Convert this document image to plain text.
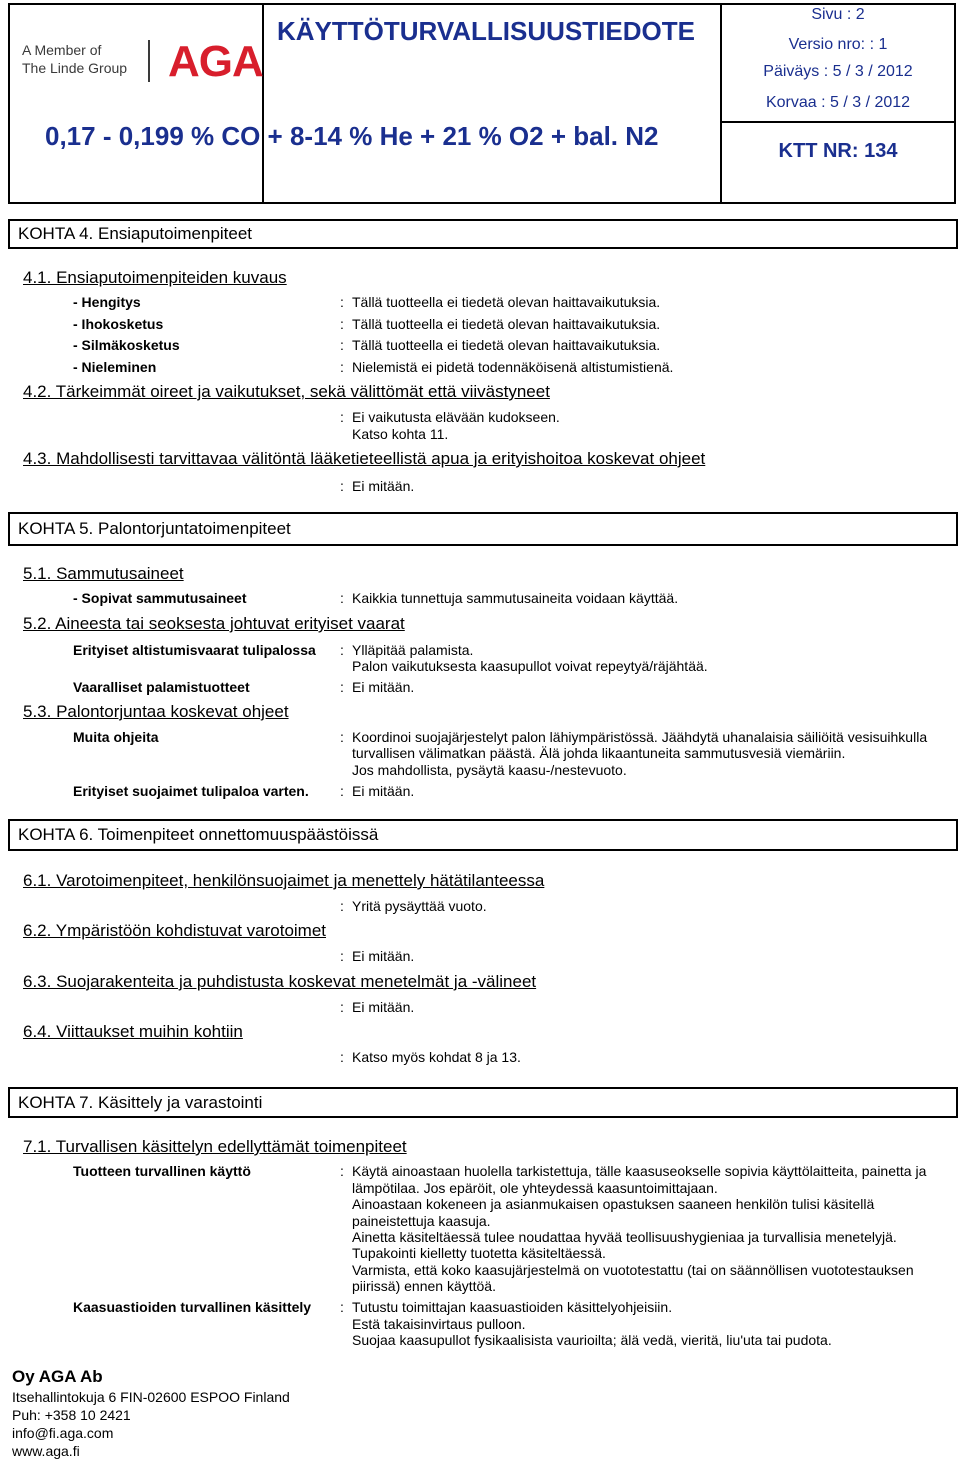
A Member of
The Linde Group AGA
KÄYTTÖTURVALLISUUSTIEDOTE
0,17 - 0,199 % CO + 8-14 % He + 21 % O2 + bal. N2
Sivu : 2
Versio nro: : 1
Päiväys : 5 / 3 / 2012
Korvaa : 5 / 3 / 2012
KTT NR: 134
KOHTA 4. Ensiaputoimenpiteet
4.1. Ensiaputoimenpiteiden kuvaus
- Hengitys	: Tällä tuotteella ei tiedetä olevan haittavaikutuksia.
- Ihokosketus	: Tällä tuotteella ei tiedetä olevan haittavaikutuksia.
- Silmäkosketus	: Tällä tuotteella ei tiedetä olevan haittavaikutuksia.
- Nieleminen	: Nielemistä ei pidetä todennäköisenä altistumistienä.
4.2. Tärkeimmät oireet ja vaikutukset, sekä välittömät että viivästyneet
: Ei vaikutusta elävään kudokseen.
Katso kohta 11.
4.3. Mahdollisesti tarvittavaa välitöntä lääketieteellistä apua ja erityishoitoa koskevat ohjeet
: Ei mitään.
KOHTA 5. Palontorjuntatoimenpiteet
5.1. Sammutusaineet
- Sopivat sammutusaineet	: Kaikkia tunnettuja sammutusaineita voidaan käyttää.
5.2. Aineesta tai seoksesta johtuvat erityiset vaarat
Erityiset altistumisvaarat tulipalossa : Ylläpitää palamista.
Palon vaikutuksesta kaasupullot voivat repeytyä/räjähtää.
Vaaralliset palamistuotteet	: Ei mitään.
5.3. Palontorjuntaa koskevat ohjeet
Muita ohjeita	: Koordinoi suojajärjestelyt palon lähiympäristössä. Jäähdytä uhanalaisia säiliöitä vesisuihkulla
turvallisen välimatkan päästä. Älä johda likaantuneita sammutusvesiä viemäriin.
Jos mahdollista, pysäytä kaasu-/nestevuoto.
Erityiset suojaimet tulipaloa varten. : Ei mitään.
KOHTA 6. Toimenpiteet onnettomuuspäästöissä
6.1. Varotoimenpiteet, henkilönsuojaimet ja menettely hätätilanteessa
: Yritä pysäyttää vuoto.
6.2. Ympäristöön kohdistuvat varotoimet
: Ei mitään.
6.3. Suojarakenteita ja puhdistusta koskevat menetelmät ja -välineet
: Ei mitään.
6.4. Viittaukset muihin kohtiin
: Katso myös kohdat 8 ja 13.
KOHTA 7. Käsittely ja varastointi
7.1. Turvallisen käsittelyn edellyttämät toimenpiteet
Tuotteen turvallinen käyttö	: Käytä ainoastaan huolella tarkistettuja, tälle kaasuseokselle sopivia käyttölaitteita, painetta ja
lämpötilaa. Jos epäröit, ole yhteydessä kaasuntoimittajaan.
Ainoastaan kokeneen ja asianmukaisen opastuksen saaneen henkilön tulisi käsitellä
paineistettuja kaasuja.
Ainetta käsiteltäessä tulee noudattaa hyvää teollisuushygieniaa ja turvallisia menetelyjä.
Tupakointi kielletty tuotetta käsiteltäessä.
Varmista, että koko kaasujärjestelmä on vuototestattu (tai on säännöllisen vuototestauksen
piirissä) ennen käyttöä.
Kaasuastioiden turvallinen käsittely : Tutustu toimittajan kaasuastioiden käsittelyohjeisiin.
Estä takaisinvirtaus pulloon.
Suojaa kaasupullot fysikaalisista vaurioilta; älä vedä, vieritä, liu'uta tai pudota.
Oy AGA Ab
Itsehallintokuja 6 FIN-02600 ESPOO Finland
Puh: +358 10 2421
info@fi.aga.com
www.aga.fi
